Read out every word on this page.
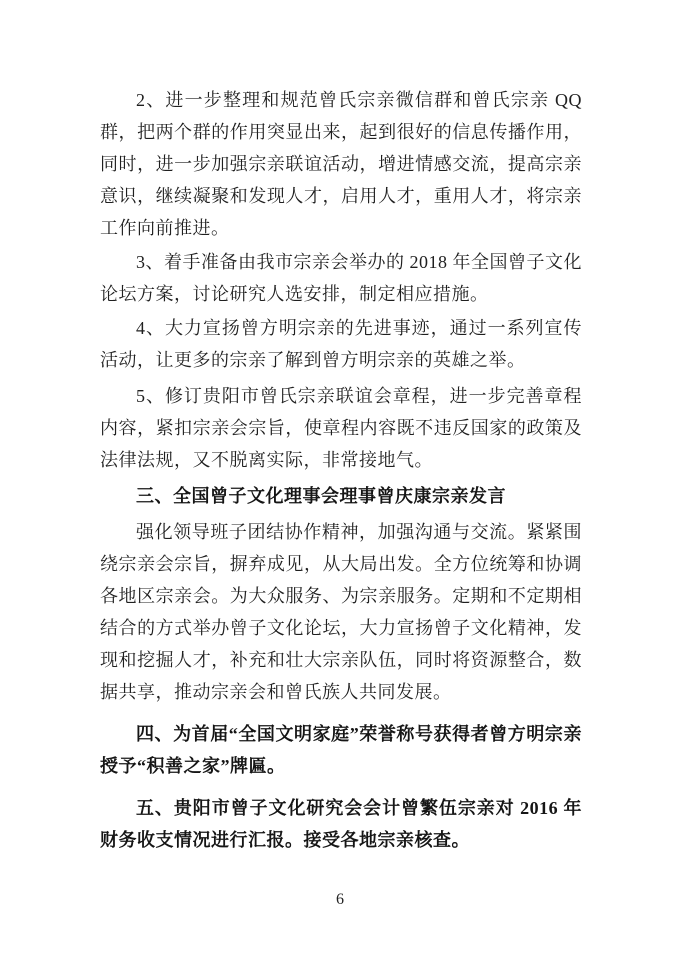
2、进一步整理和规范曾氏宗亲微信群和曾氏宗亲 QQ 群，把两个群的作用突显出来，起到很好的信息传播作用，同时，进一步加强宗亲联谊活动，增进情感交流，提高宗亲意识，继续凝聚和发现人才，启用人才，重用人才，将宗亲工作向前推进。

3、着手准备由我市宗亲会举办的 2018 年全国曾子文化论坛方案，讨论研究人选安排，制定相应措施。

4、大力宣扬曾方明宗亲的先进事迹，通过一系列宣传活动，让更多的宗亲了解到曾方明宗亲的英雄之举。

5、修订贵阳市曾氏宗亲联谊会章程，进一步完善章程内容，紧扣宗亲会宗旨，使章程内容既不违反国家的政策及法律法规，又不脱离实际，非常接地气。

三、全国曾子文化理事会理事曾庆康宗亲发言

强化领导班子团结协作精神，加强沟通与交流。紧紧围绕宗亲会宗旨，摒弃成见，从大局出发。全方位统筹和协调各地区宗亲会。为大众服务、为宗亲服务。定期和不定期相结合的方式举办曾子文化论坛，大力宣扬曾子文化精神，发现和挖掘人才，补充和壮大宗亲队伍，同时将资源整合，数据共享，推动宗亲会和曾氏族人共同发展。

四、为首届“全国文明家庭”荣誉称号获得者曾方明宗亲授予“积善之家”牌匾。

五、贵阳市曾子文化研究会会计曾繁伍宗亲对 2016 年财务收支情况进行汇报。接受各地宗亲核查。

6
